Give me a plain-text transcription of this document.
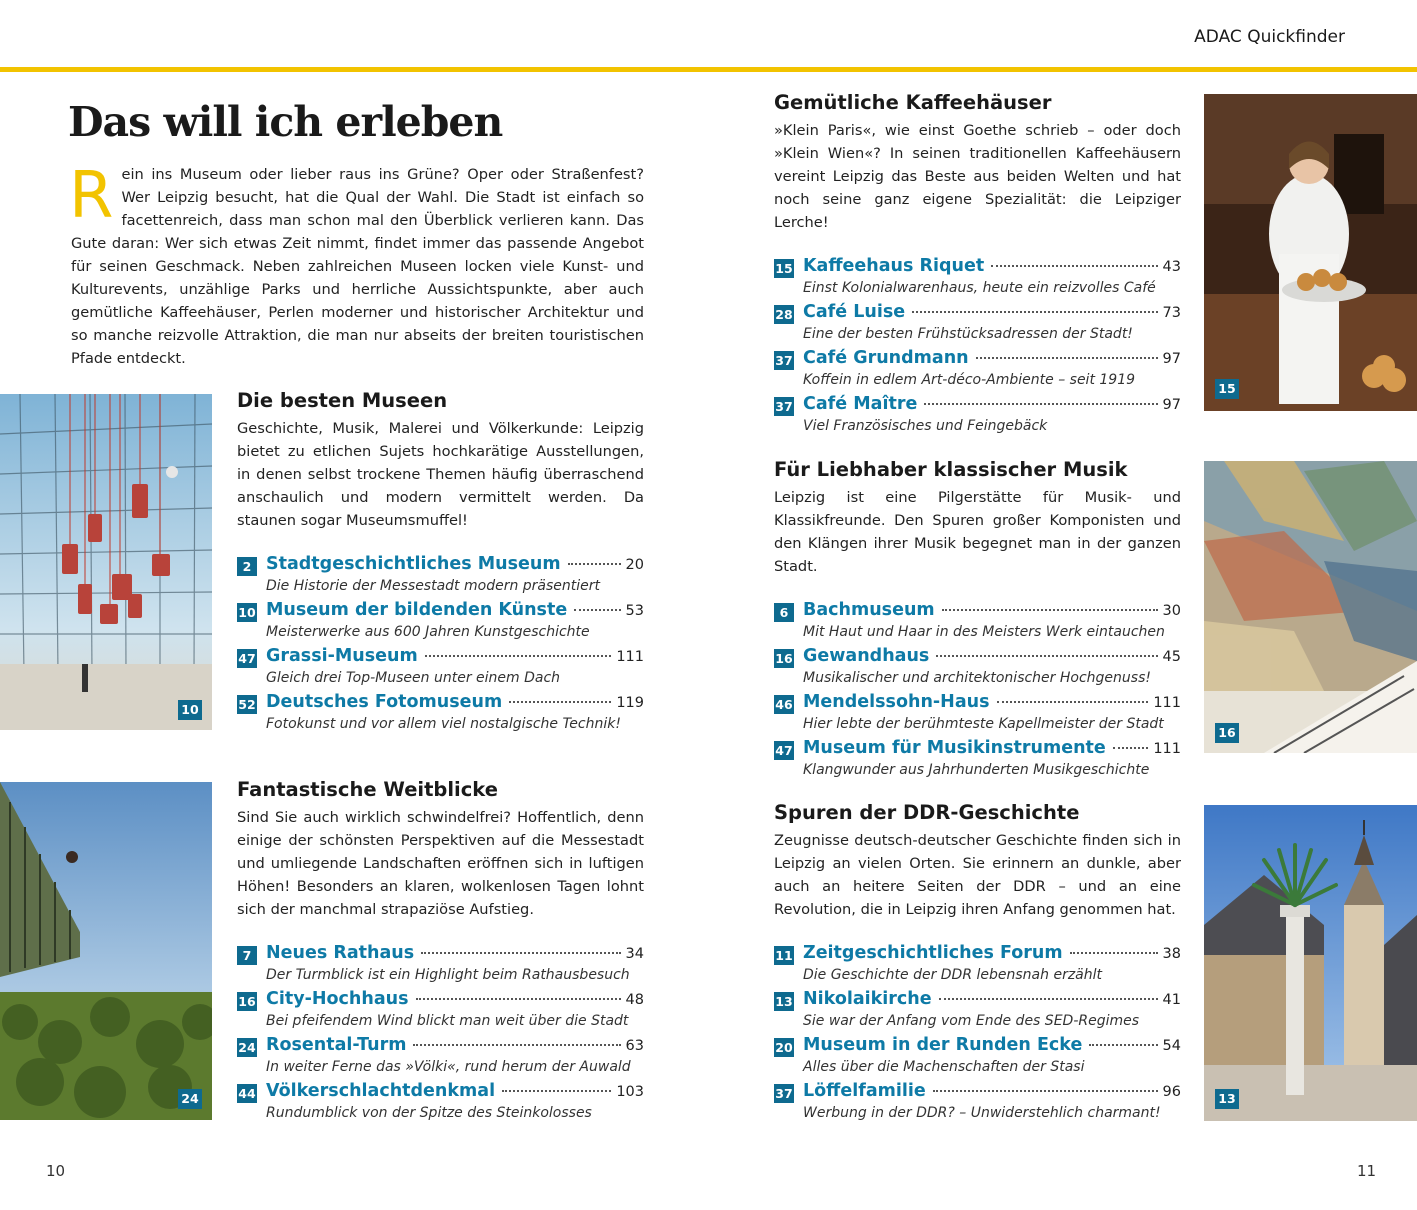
ADAC Quickfinder
Das will ich erleben

Rein ins Museum oder lieber raus ins Grüne? Oper oder Straßenfest? Wer Leipzig besucht, hat die Qual der Wahl. Die Stadt ist einfach so facettenreich, dass man schon mal den Überblick verlieren kann. Das Gute daran: Wer sich etwas Zeit nimmt, findet immer das passende Angebot für seinen Geschmack. Neben zahlreichen Museen locken viele Kunst- und Kulturevents, unzählige Parks und herrliche Aussichtspunkte, aber auch gemütliche Kaffeehäuser, Perlen moderner und historischer Architektur und so manche reizvolle Attraktion, die man nur abseits der breiten touristischen Pfade entdeckt.

10
24
15
16
13
Die besten Museen

Geschichte, Musik, Malerei und Völkerkunde: Leipzig bietet zu etlichen Sujets hochkarätige Ausstellungen, in denen selbst trockene Themen häufig überraschend anschaulich und modern vermittelt werden. Da staunen sogar Museumsmuffel!

2 Stadtgeschichtliches Museum	20
Die Historie der Messestadt modern präsentiert
10 Museum der bildenden Künste	53
Meisterwerke aus 600 Jahren Kunstgeschichte
47 Grassi-Museum	111
Gleich drei Top-Museen unter einem Dach
52 Deutsches Fotomuseum	119
Fotokunst und vor allem viel nostalgische Technik!
Fantastische Weitblicke

Sind Sie auch wirklich schwindelfrei? Hoffentlich, denn einige der schönsten Perspektiven auf die Messestadt und umliegende Landschaften eröffnen sich in luftigen Höhen! Besonders an klaren, wolkenlosen Tagen lohnt sich der manchmal strapaziöse Aufstieg.

7 Neues Rathaus	34
Der Turmblick ist ein Highlight beim Rathausbesuch
16 City-Hochhaus	48
Bei pfeifendem Wind blickt man weit über die Stadt
24 Rosental-Turm	63
In weiter Ferne das »Völki«, rund herum der Auwald
44 Völkerschlachtdenkmal	103
Rundumblick von der Spitze des Steinkolosses
Gemütliche Kaffeehäuser

»Klein Paris«, wie einst Goethe schrieb – oder doch »Klein Wien«? In seinen traditionellen Kaffeehäusern vereint Leipzig das Beste aus beiden Welten und hat noch seine ganz eigene Spezialität: die Leipziger Lerche!

15 Kaffeehaus Riquet	43
Einst Kolonialwarenhaus, heute ein reizvolles Café
28 Café Luise	73
Eine der besten Frühstücksadressen der Stadt!
37 Café Grundmann	97
Koffein in edlem Art-déco-Ambiente – seit 1919
37 Café Maître	97
Viel Französisches und Feingebäck
Für Liebhaber klassischer Musik

Leipzig ist eine Pilgerstätte für Musik- und Klassikfreunde. Den Spuren großer Komponisten und den Klängen ihrer Musik begegnet man in der ganzen Stadt.

6 Bachmuseum	30
Mit Haut und Haar in des Meisters Werk eintauchen
16 Gewandhaus	45
Musikalischer und architektonischer Hochgenuss!
46 Mendelssohn-Haus	111
Hier lebte der berühmteste Kapellmeister der Stadt
47 Museum für Musikinstrumente	111
Klangwunder aus Jahrhunderten Musikgeschichte
Spuren der DDR-Geschichte

Zeugnisse deutsch-deutscher Geschichte finden sich in Leipzig an vielen Orten. Sie erinnern an dunkle, aber auch an heitere Seiten der DDR – und an eine Revolution, die in Leipzig ihren Anfang genommen hat.

11 Zeitgeschichtliches Forum	38
Die Geschichte der DDR lebensnah erzählt
13 Nikolaikirche	41
Sie war der Anfang vom Ende des SED-Regimes
20 Museum in der Runden Ecke	54
Alles über die Machenschaften der Stasi
37 Löffelfamilie	96
Werbung in der DDR? – Unwiderstehlich charmant!
10	11
